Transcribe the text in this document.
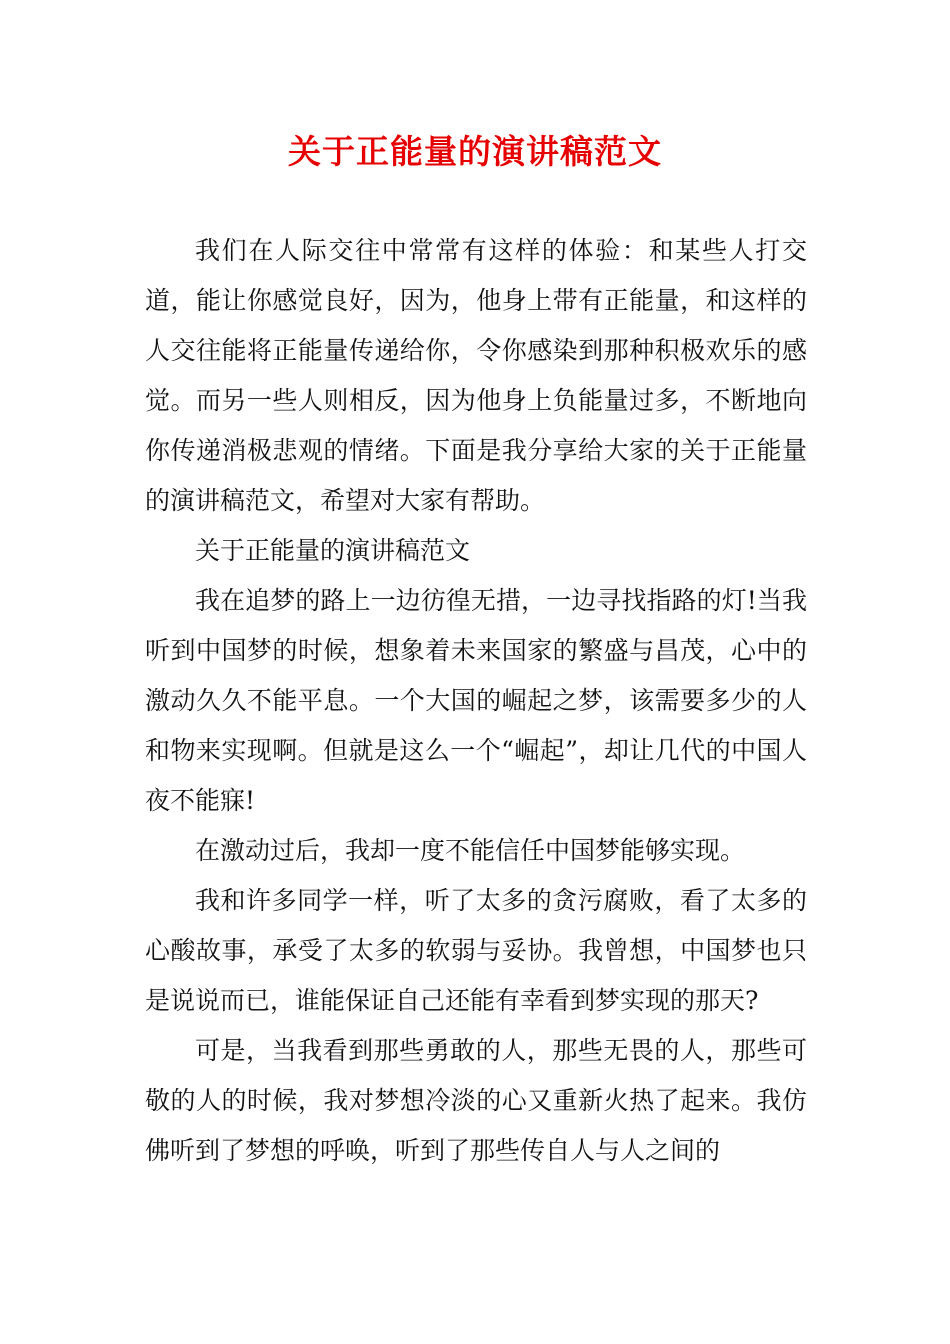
关于正能量的演讲稿范文

我们在人际交往中常常有这样的体验：和某些人打交道，能让你感觉良好，因为，他身上带有正能量，和这样的人交往能将正能量传递给你，令你感染到那种积极欢乐的感觉。而另一些人则相反，因为他身上负能量过多，不断地向你传递消极悲观的情绪。下面是我分享给大家的关于正能量的演讲稿范文，希望对大家有帮助。

关于正能量的演讲稿范文

我在追梦的路上一边彷徨无措，一边寻找指路的灯!当我听到中国梦的时候，想象着未来国家的繁盛与昌茂，心中的激动久久不能平息。一个大国的崛起之梦，该需要多少的人和物来实现啊。但就是这么一个“崛起”，却让几代的中国人夜不能寐!

在激动过后，我却一度不能信任中国梦能够实现。

我和许多同学一样，听了太多的贪污腐败，看了太多的心酸故事，承受了太多的软弱与妥协。我曾想，中国梦也只是说说而已，谁能保证自己还能有幸看到梦实现的那天?

可是，当我看到那些勇敢的人，那些无畏的人，那些可敬的人的时候，我对梦想冷淡的心又重新火热了起来。我仿佛听到了梦想的呼唤，听到了那些传自人与人之间的
